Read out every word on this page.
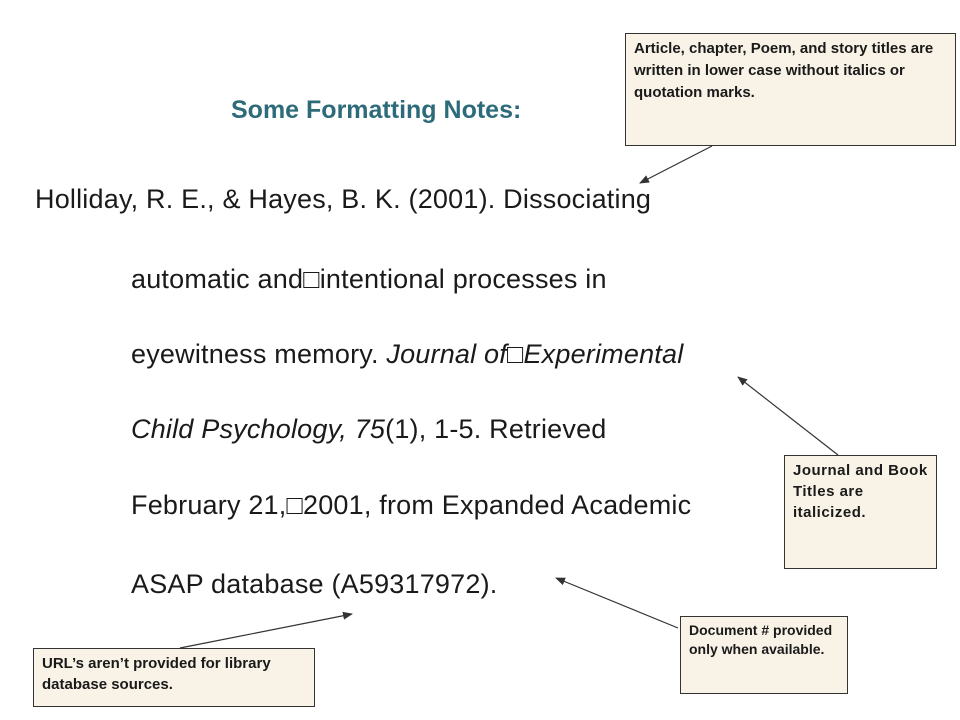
Some Formatting Notes:
Holliday, R. E., & Hayes, B. K. (2001). Dissociating
automatic and□intentional processes in
eyewitness memory. Journal of□Experimental
Child Psychology, 75(1), 1-5. Retrieved
February 21,□2001, from Expanded Academic
ASAP database (A59317972).
Article, chapter, Poem, and story titles are written in lower case without italics or quotation marks.
Journal and Book Titles are italicized.
Document # provided only when available.
URL’s aren’t provided for library database sources.
